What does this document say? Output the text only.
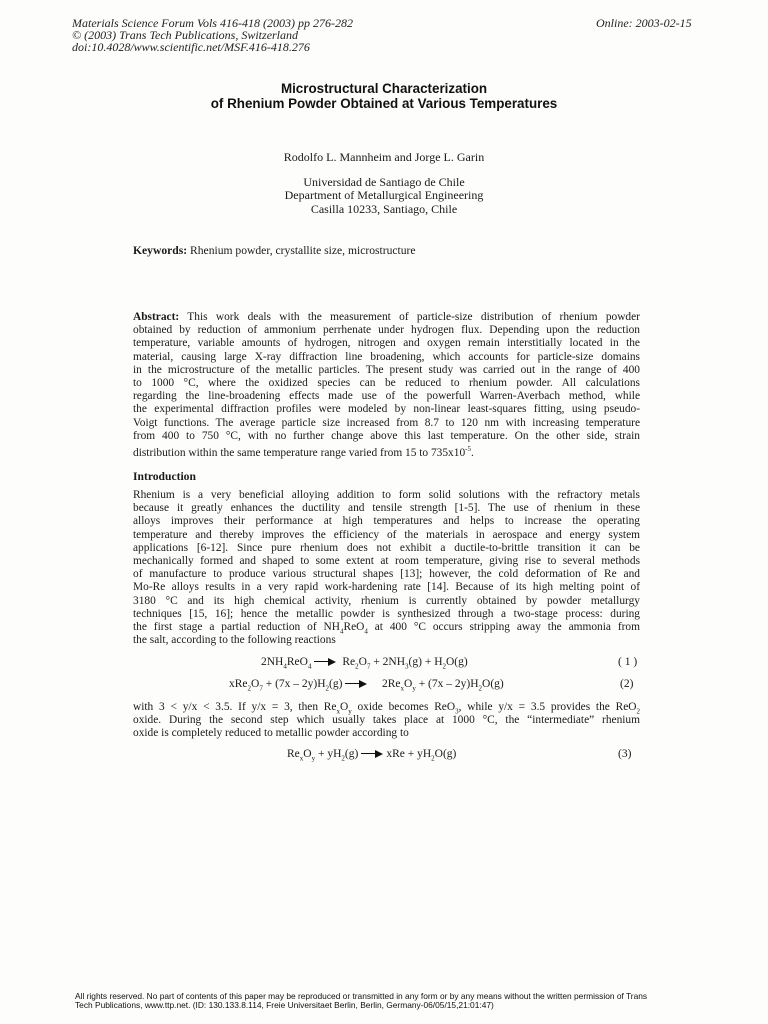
Materials Science Forum Vols 416-418 (2003) pp 276-282
© (2003) Trans Tech Publications, Switzerland
doi:10.4028/www.scientific.net/MSF.416-418.276
Online: 2003-02-15
Microstructural Characterization
of Rhenium Powder Obtained at Various Temperatures
Rodolfo L. Mannheim and Jorge L. Garin
Universidad de Santiago de Chile
Department of Metallurgical Engineering
Casilla 10233, Santiago, Chile
Keywords: Rhenium powder, crystallite size, microstructure
Abstract: This work deals with the measurement of particle-size distribution of rhenium powder
obtained by reduction of ammonium perrhenate under hydrogen flux. Depending upon the reduction
temperature, variable amounts of hydrogen, nitrogen and oxygen remain interstitially located in the
material, causing large X-ray diffraction line broadening, which accounts for particle-size domains
in the microstructure of the metallic particles. The present study was carried out in the range of 400
to 1000 °C, where the oxidized species can be reduced to rhenium powder. All calculations
regarding the line-broadening effects made use of the powerfull Warren-Averbach method, while
the experimental diffraction profiles were modeled by non-linear least-squares fitting, using pseudo-
Voigt functions. The average particle size increased from 8.7 to 120 nm with increasing temperature
from 400 to 750 °C, with no further change above this last temperature. On the other side, strain
distribution within the same temperature range varied from 15 to $735x10^{-5}$.
Introduction
Rhenium is a very beneficial alloying addition to form solid solutions with the refractory metals
because it greatly enhances the ductility and tensile strength [1-5]. The use of rhenium in these
alloys improves their performance at high temperatures and helps to increase the operating
temperature and thereby improves the efficiency of the materials in aerospace and energy system
applications [6-12]. Since pure rhenium does not exhibit a ductile-to-brittle transition it can be
mechanically formed and shaped to some extent at room temperature, giving rise to several methods
of manufacture to produce various structural shapes [13]; however, the cold deformation of Re and
Mo-Re alloys results in a very rapid work-hardening rate [14]. Because of its high melting point of
3180 °C and its high chemical activity, rhenium is currently obtained by powder metallurgy
techniques [15, 16]; hence the metallic powder is synthesized through a two-stage process: during
the first stage a partial reduction of $NH_4ReO_4$ at 400 °C occurs stripping away the ammonia from
the salt, according to the following reactions
$2NH_4ReO_4$ $Re_2O_7 + 2NH_3(g) + H_2O(g)$	( 1 )
$xRe_2O_7 + (7x - 2y)H_2(g)$    $2Re_xO_y + (7x - 2y)H_2O(g)$	(2)
with 3 < y/x < 3.5. If y/x = 3, then $Re_xO_y$ oxide becomes ReO$_3$, while y/x = 3.5 provides the ReO$_2$
oxide. During the second step which usually takes place at 1000 °C, the “intermediate” rhenium
oxide is completely reduced to metallic powder according to
$Re_xO_y + yH_2(g)$ xRe + $yH_2O(g)$	(3)
All rights reserved. No part of contents of this paper may be reproduced or transmitted in any form or by any means without the written permission of Trans
Tech Publications, www.ttp.net. (ID: 130.133.8.114, Freie Universitaet Berlin, Berlin, Germany-06/05/15,21:01:47)
